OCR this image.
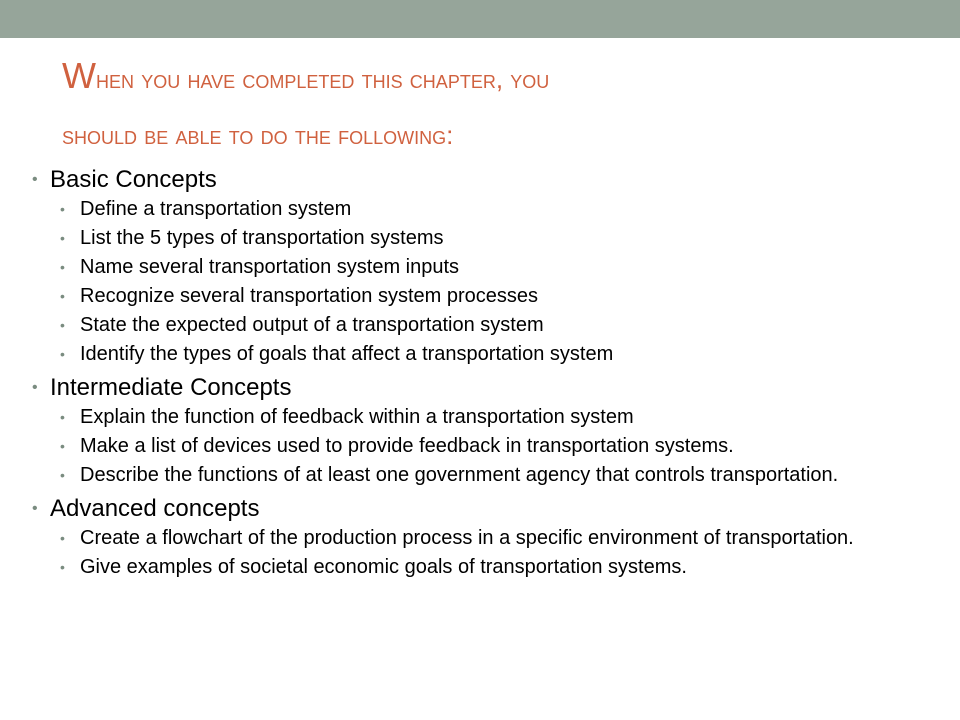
When you have completed this chapter, you
should be able to do the following:
• Basic Concepts
• Define a transportation system
• List the 5 types of transportation systems
• Name several transportation system inputs
• Recognize several transportation system processes
• State the expected output of a transportation system
• Identify the types of goals that affect a transportation system
• Intermediate Concepts
• Explain the function of feedback within a transportation system
• Make a list of devices used to provide feedback in transportation systems.
• Describe the functions of at least one government agency that controls transportation.
• Advanced concepts
• Create a flowchart of the production process in a specific environment of transportation.
• Give examples of societal economic goals of transportation systems.
